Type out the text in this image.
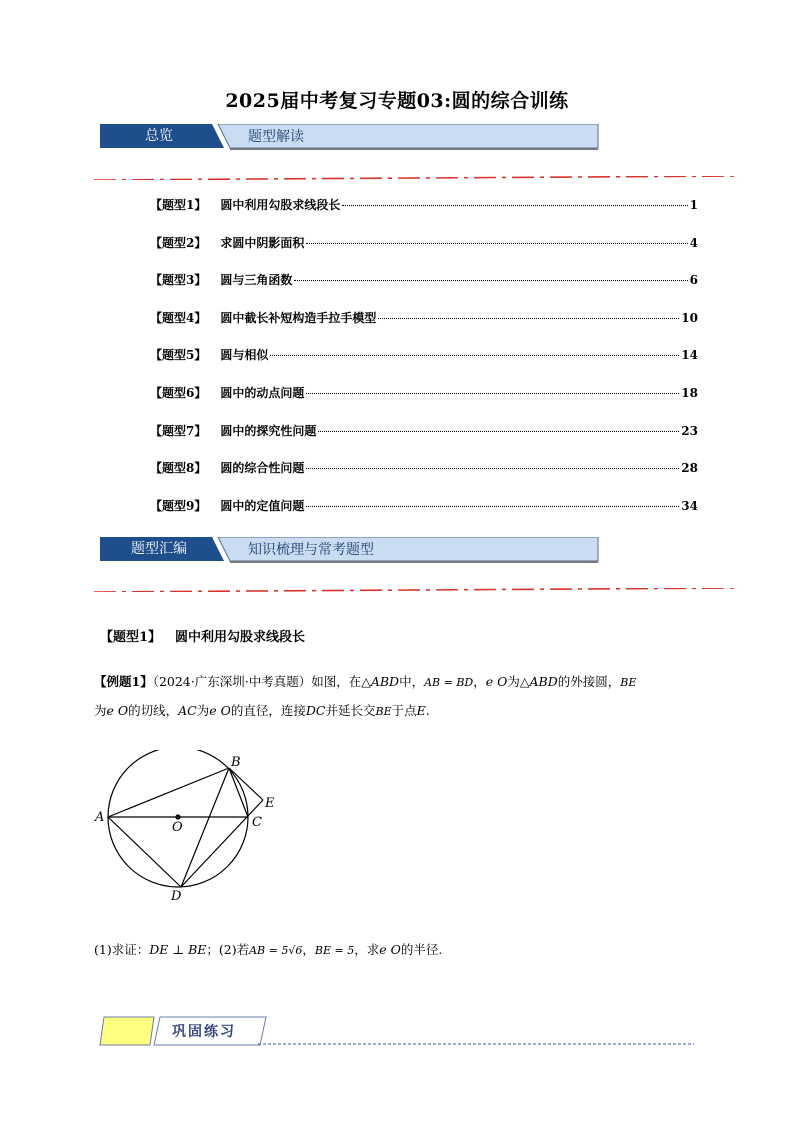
2025届中考复习专题03:圆的综合训练
总览	题型解读
【题型1】 圆中利用勾股求线段长	1
【题型2】 求圆中阴影面积	4
【题型3】 圆与三角函数	6
【题型4】 圆中截长补短构造手拉手模型	10
【题型5】 圆与相似	14
【题型6】 圆中的动点问题	18
【题型7】 圆中的探究性问题	23
【题型8】 圆的综合性问题	28
【题型9】 圆中的定值问题	34
题型汇编	知识梳理与常考题型
【题型1】 圆中利用勾股求线段长
【例题1】（2024·广东深圳·中考真题）如图，在△ABD中，AB = BD，e O为△ABD的外接圆，BE
为e O的切线，AC为e O的直径，连接DC并延长交BE于点E.
A
B
C
D
E
O
(1)求证：DE ⊥ BE；(2)若AB = 5√6，BE = 5，求e O的半径.
巩固练习
